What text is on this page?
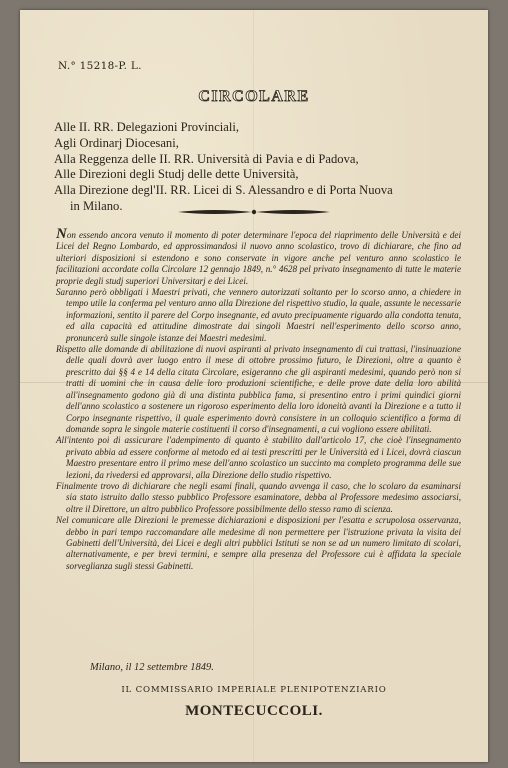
N.° 15218-P. L.
CIRCOLARE
Alle II. RR. Delegazioni Provinciali,
Agli Ordinarj Diocesani,
Alla Reggenza delle II. RR. Università di Pavia e di Padova,
Alle Direzioni degli Studj delle dette Università,
Alla Direzione degl'II. RR. Licei di S. Alessandro e di Porta Nuova
in Milano.

Non essendo ancora venuto il momento di poter determinare l'epoca del riaprimento delle Università e dei Licei del Regno Lombardo, ed approssimandosi il nuovo anno scolastico, trovo di dichiarare, che fino ad ulteriori disposizioni si estendono e sono conservate in vigore anche pel venturo anno scolastico le facilitazioni accordate colla Circolare 12 gennajo 1849, n.° 4628 pel privato insegnamento di tutte le materie proprie degli studj superiori Universitarj e dei Licei.

Saranno però obbligati i Maestri privati, che vennero autorizzati soltanto per lo scorso anno, a chiedere in tempo utile la conferma pel venturo anno alla Direzione del rispettivo studio, la quale, assunte le necessarie informazioni, sentito il parere del Corpo insegnante, ed avuto precipuamente riguardo alla condotta tenuta, ed alla capacità ed attitudine dimostrate dai singoli Maestri nell'esperimento dello scorso anno, pronuncerà sulle singole istanze dei Maestri medesimi.

Rispetto alle domande di abilitazione di nuovi aspiranti al privato insegnamento di cui trattasi, l'insinuazione delle quali dovrà aver luogo entro il mese di ottobre prossimo futuro, le Direzioni, oltre a quanto è prescritto dai §§ 4 e 14 della citata Circolare, esigeranno che gli aspiranti medesimi, quando però non si tratti di uomini che in causa delle loro produzioni scientifiche, e delle prove date della loro abilità all'insegnamento godono già di una distinta pubblica fama, si presentino entro i primi quindici giorni dell'anno scolastico a sostenere un rigoroso esperimento della loro idoneità avanti la Direzione e a tutto il Corpo insegnante rispettivo, il quale esperimento dovrà consistere in un colloquio scientifico a forma di domande sopra le singole materie costituenti il corso d'insegnamenti, a cui vogliono essere abilitati.

All'intento poi di assicurare l'adempimento di quanto è stabilito dall'articolo 17, che cioè l'insegnamento privato abbia ad essere conforme al metodo ed ai testi prescritti per le Università ed i Licei, dovrà ciascun Maestro presentare entro il primo mese dell'anno scolastico un succinto ma completo programma delle sue lezioni, da rivedersi ed approvarsi, alla Direzione dello studio rispettivo.

Finalmente trovo di dichiarare che negli esami finali, quando avvenga il caso, che lo scolaro da esaminarsi sia stato istruito dallo stesso pubblico Professore esaminatore, debba al Professore medesimo associarsi, oltre il Direttore, un altro pubblico Professore possibilmente dello stesso ramo di scienza.

Nel comunicare alle Direzioni le premesse dichiarazioni e disposizioni per l'esatta e scrupolosa osservanza, debbo in pari tempo raccomandare alle medesime di non permettere per l'istruzione privata la visita dei Gabinetti dell'Università, dei Licei e degli altri pubblici Istituti se non se ad un numero limitato di scolari, alternativamente, e per brevi termini, e sempre alla presenza del Professore cui è affidata la speciale sorveglianza sugli stessi Gabinetti.

Milano, il 12 settembre 1849.
IL COMMISSARIO IMPERIALE PLENIPOTENZIARIO
MONTECUCCOLI.
